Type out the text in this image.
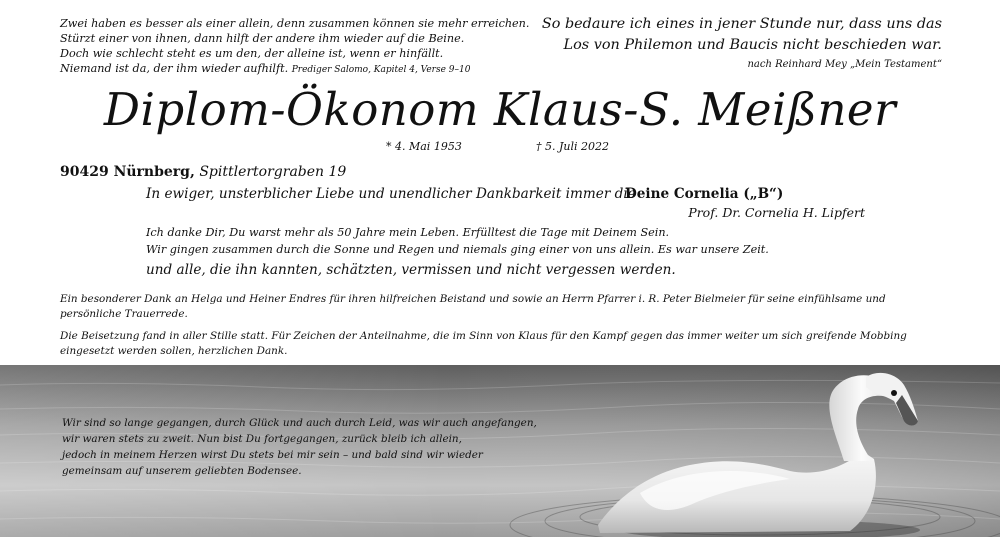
Zwei haben es besser als einer allein, denn zusammen können sie mehr erreichen.
Stürzt einer von ihnen, dann hilft der andere ihm wieder auf die Beine.
Doch wie schlecht steht es um den, der alleine ist, wenn er hinfällt.
Niemand ist da, der ihm wieder aufhilft. Prediger Salomo, Kapitel 4, Verse 9–10
So bedaure ich eines in jener Stunde nur, dass uns das
Los von Philemon und Baucis nicht beschieden war.
nach Reinhard Mey „Mein Testament“
Diplom-Ökonom Klaus-S. Meißner
* 4. Mai 1953	† 5. Juli 2022
90429 Nürnberg, Spittlertorgraben 19
In ewiger, unsterblicher Liebe und unendlicher Dankbarkeit immer die
Deine Cornelia („B“)
Prof. Dr. Cornelia H. Lipfert
Ich danke Dir, Du warst mehr als 50 Jahre mein Leben. Erfülltest die Tage mit Deinem Sein.
Wir gingen zusammen durch die Sonne und Regen und niemals ging einer von uns allein. Es war unsere Zeit.
und alle, die ihn kannten, schätzten, vermissen und nicht vergessen werden.
Ein besonderer Dank an Helga und Heiner Endres für ihren hilfreichen Beistand und sowie an Herrn Pfarrer i. R. Peter Bielmeier für seine einfühlsame und persönliche Trauerrede.
Die Beisetzung fand in aller Stille statt. Für Zeichen der Anteilnahme, die im Sinn von Klaus für den Kampf gegen das immer weiter um sich greifende Mobbing eingesetzt werden sollen, herzlichen Dank.
Wir sind so lange gegangen, durch Glück und auch durch Leid, was wir auch angefangen,
wir waren stets zu zweit. Nun bist Du fortgegangen, zurück bleib ich allein,
jedoch in meinem Herzen wirst Du stets bei mir sein – und bald sind wir wieder
gemeinsam auf unserem geliebten Bodensee.
